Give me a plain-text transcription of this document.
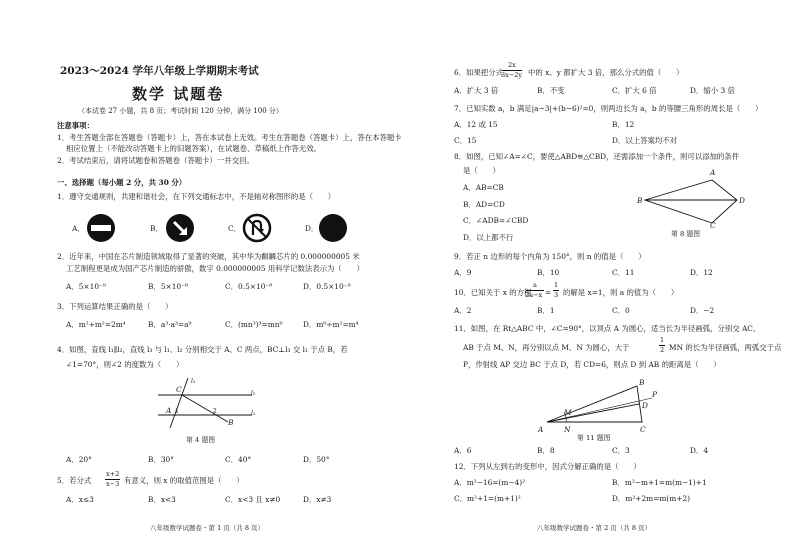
2023～2024 学年八年级上学期期末考试
数学 试题卷
（本试卷 27 小题，共 8 页；考试时间 120 分钟，满分 100 分）
注意事项：
1．考生答题全部在答题卷（答题卡）上，答在本试卷上无效。考生在答题卷（答题卡）上，答在本答题卡
相应位置上（不能改动答题卡上的旧题答案），在试题卷、草稿纸上作答无效。
2．考试结束后，请将试题卷和答题卷（答题卡）一并交回。
一、选择题（每小题 2 分，共 30 分）
1．遵守交通规则，共建和谐社会，在下列交通标志中，不是轴对称图形的是（　　）
A．	B．	C．	D．
2．近年来，中国在芯片制造领域取得了显著的突破，其中华为麒麟芯片的 0.000000005 米
工艺制程更是成为国产芯片制造的骄傲，数字 0.000000005 用科学记数法表示为（　　）
A．5×10⁻⁹	B．5×10⁻⁸	C．0.5×10⁻⁸	D．0.5×10⁻⁹
3．下列运算结果正确的是（　　）
A．m²+m²=2m⁴	B．a³·a³=a⁹	C．(mn³)³=mn⁹	D．m⁶÷m²=m⁴
4．如图，直线 l₁∥l₂，直线 l₃ 与 l₁、l₂ 分别相交于 A、C 两点，BC⊥l₃ 交 l₁ 于点 B，若
∠1=70°，则∠2 的度数为（　　）
l₃
C	l₂
l₁
A
B
1	2
第 4 题图
A．20°	B．30°	C．40°	D．50°
5．若分式
x+2
x−3 有意义，则 x 的取值范围是（　　）
A．x≤3	B．x<3	C．x<3 且 x≠0	D．x≠3
八年级数学试题卷・第 1 页（共 8 页）
6．如果把分式
2x
3x−2y 中的 x、y 都扩大 3 倍，那么分式的值（　　）
A．扩大 3 倍	B．不变	C．扩大 6 倍	D．缩小 3 倍
7．已知实数 a，b 满足|a−3|+(b−6)²=0，则两边长为 a，b 的等腰三角形的周长是（　　）
A．12 或 15	B．12
C．15	D．以上答案均不对
8．如图，已知∠A=∠C，要使△ABD≌△CBD，还需添加一个条件，则可以添加的条件
是（　　）
A．AB=CB
B．AD=CD
C．∠ADB=∠CBD
D．以上都不行
A
B
C
D
第 8 题图
9．若正 n 边形的每个内角为 150°，则 n 的值是（　　）
A．9	B．10	C．11	D．12
10．已知关于 x 的方程
a
2a−x =
1
3 的解是 x=1，则 a 的值为（　　）
A．2	B．1	C．0	D．−2
11．如图，在 Rt△ABC 中，∠C=90°，以顶点 A 为圆心，适当长为半径画弧，分别交 AC、
AB 于点 M、N，再分别以点 M、N 为圆心，大于
1
2 MN 的长为半径画弧，两弧交于点
P，作射线 AP 交边 BC 于点 D，若 CD=6，则点 D 到 AB 的距离是（　　）
A	C
B
D
M
N
P
第 11 题图
A．6	B．8	C．3	D．4
12．下列从左到右的变形中，因式分解正确的是（　　）
A．m²−16=(m−4)²	B．m²−m+1=m(m−1)+1
C．m²+1=(m+1)²	D．m²+2m=m(m+2)
八年级数学试题卷・第 2 页（共 8 页）
